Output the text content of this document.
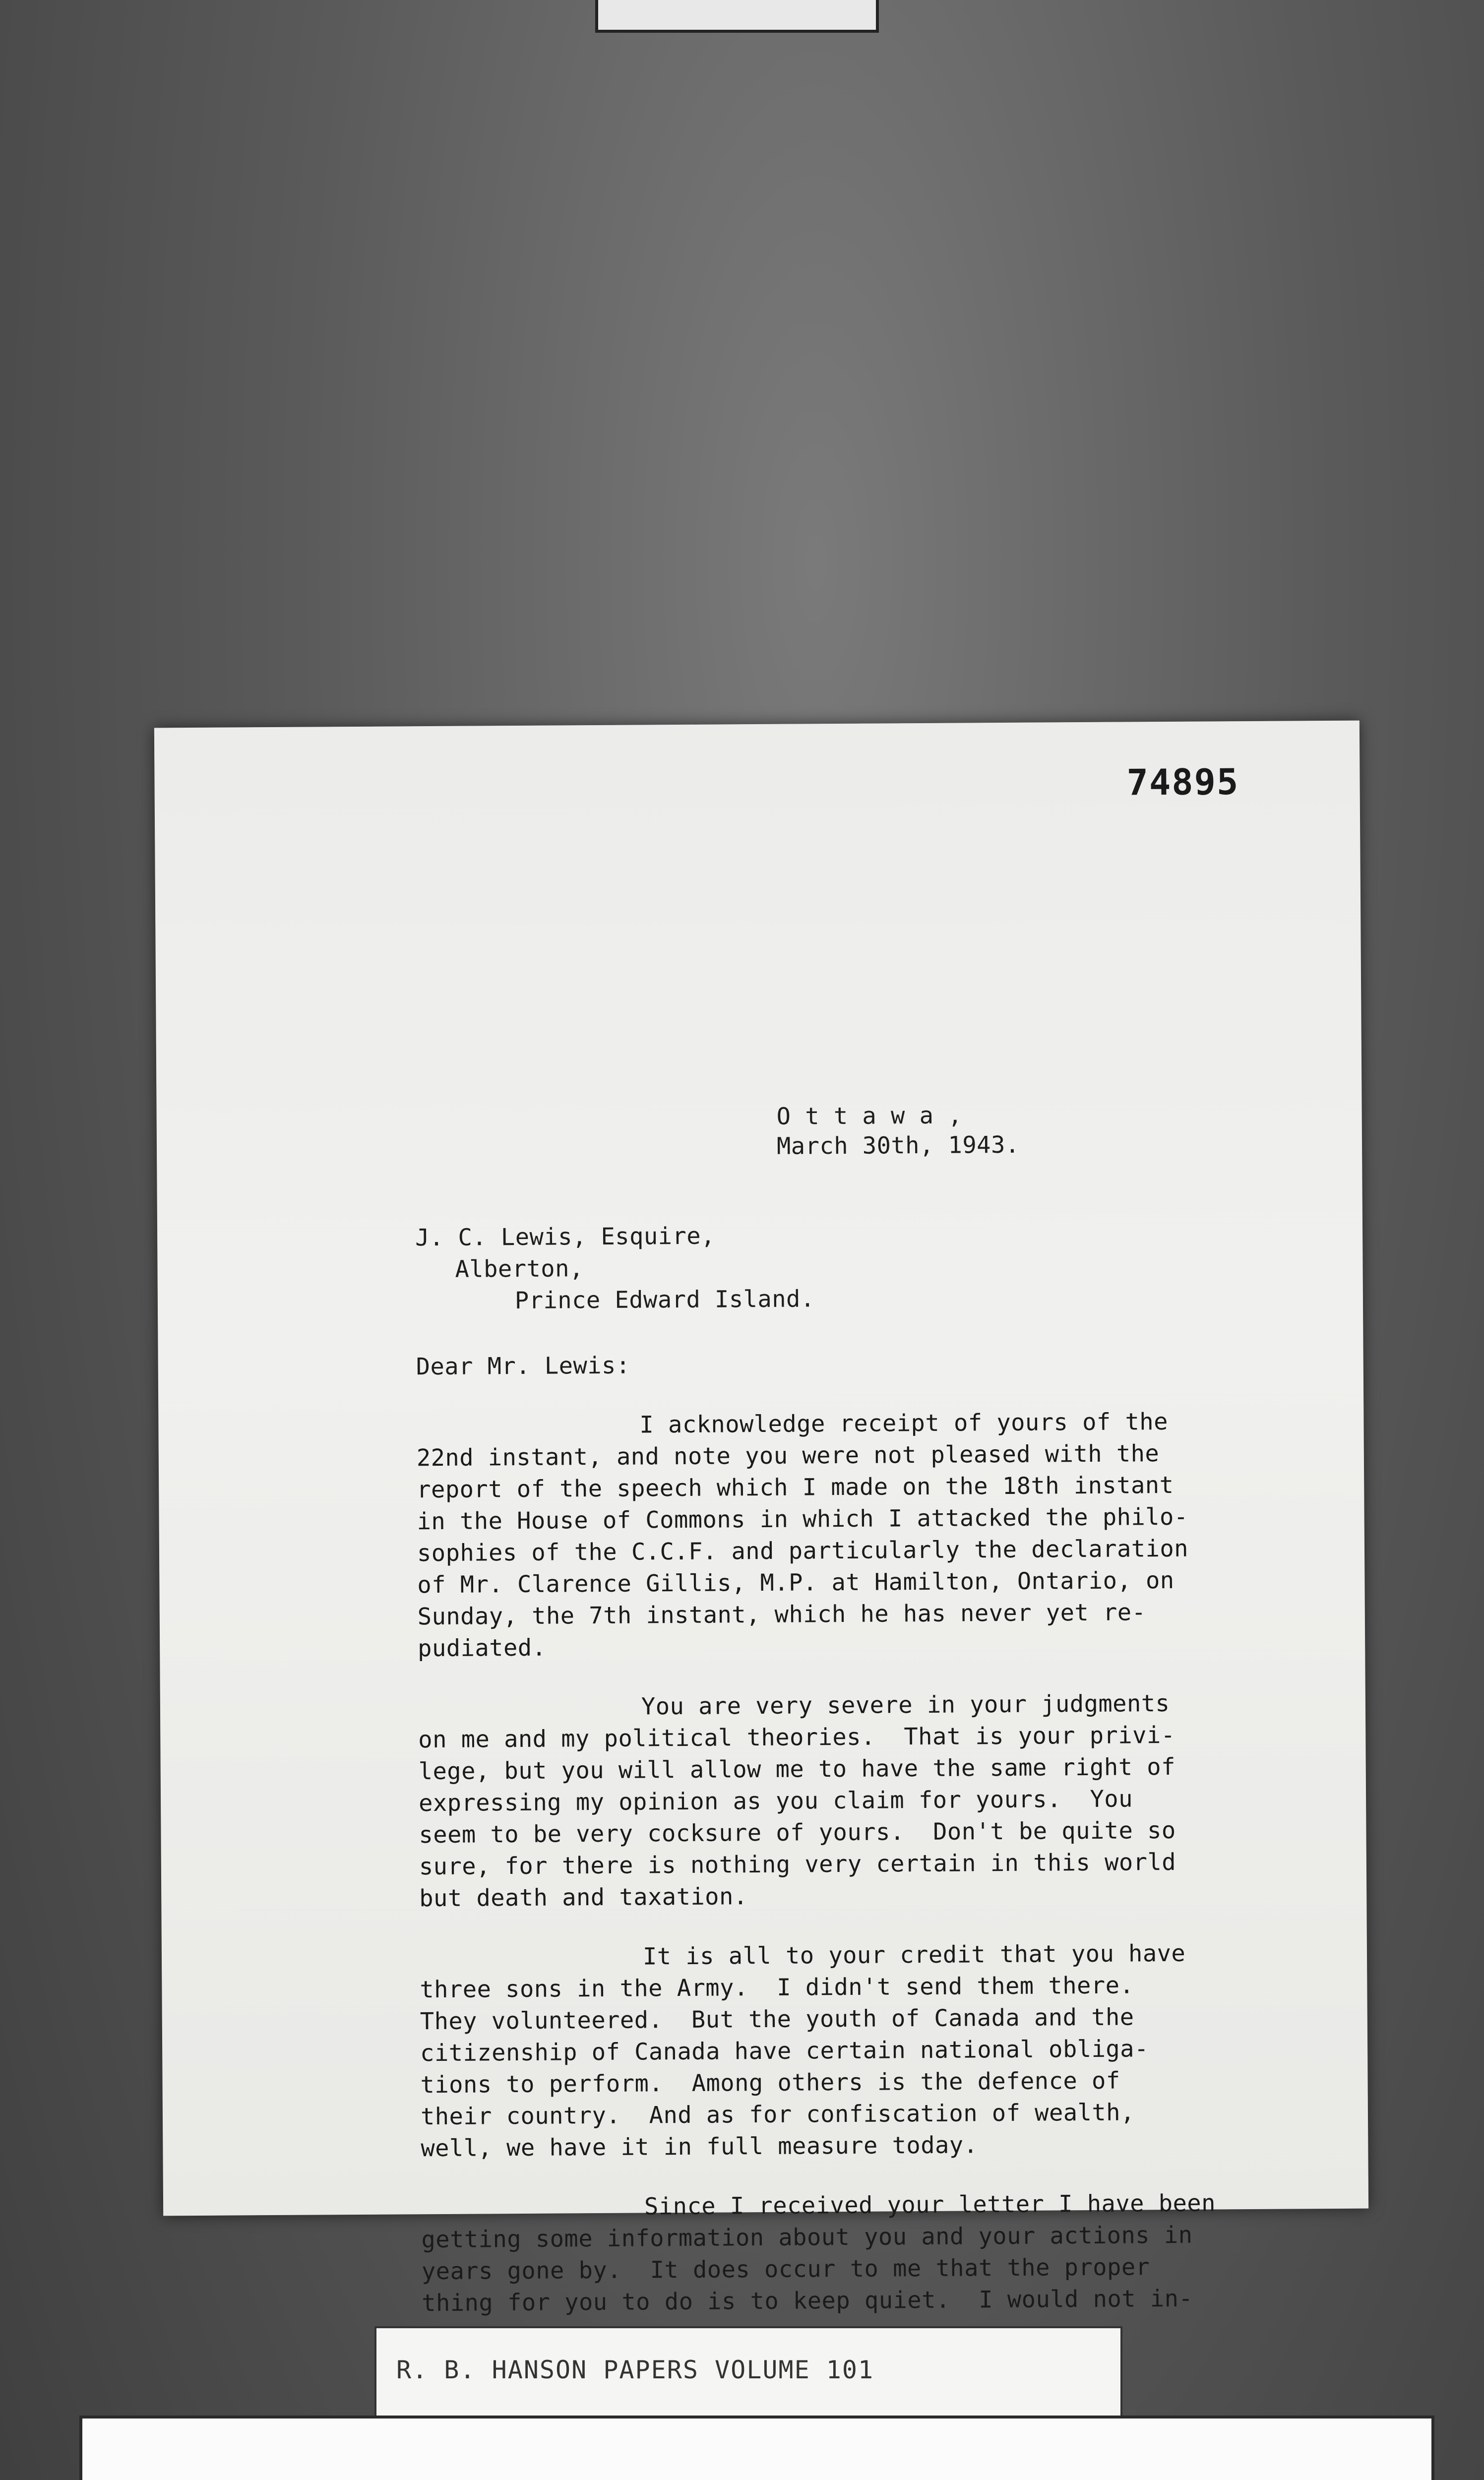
74895
O t t a w a ,
March 30th, 1943.
J. C. Lewis, Esquire,
Alberton,
Prince Edward Island.
Dear Mr. Lewis:
I acknowledge receipt of yours of the
22nd instant, and note you were not pleased with the
report of the speech which I made on the 18th instant
in the House of Commons in which I attacked the philo-
sophies of the C.C.F. and particularly the declaration
of Mr. Clarence Gillis, M.P. at Hamilton, Ontario, on
Sunday, the 7th instant, which he has never yet re-
pudiated.
You are very severe in your judgments
on me and my political theories.  That is your privi-
lege, but you will allow me to have the same right of
expressing my opinion as you claim for yours.  You
seem to be very cocksure of yours.  Don't be quite so
sure, for there is nothing very certain in this world
but death and taxation.
It is all to your credit that you have
three sons in the Army.  I didn't send them there.
They volunteered.  But the youth of Canada and the
citizenship of Canada have certain national obliga-
tions to perform.  Among others is the defence of
their country.  And as for confiscation of wealth,
well, we have it in full measure today.
Since I received your letter I have been
getting some information about you and your actions in
years gone by.  It does occur to me that the proper
thing for you to do is to keep quiet.  I would not in-
R. B. HANSON PAPERS VOLUME 101
